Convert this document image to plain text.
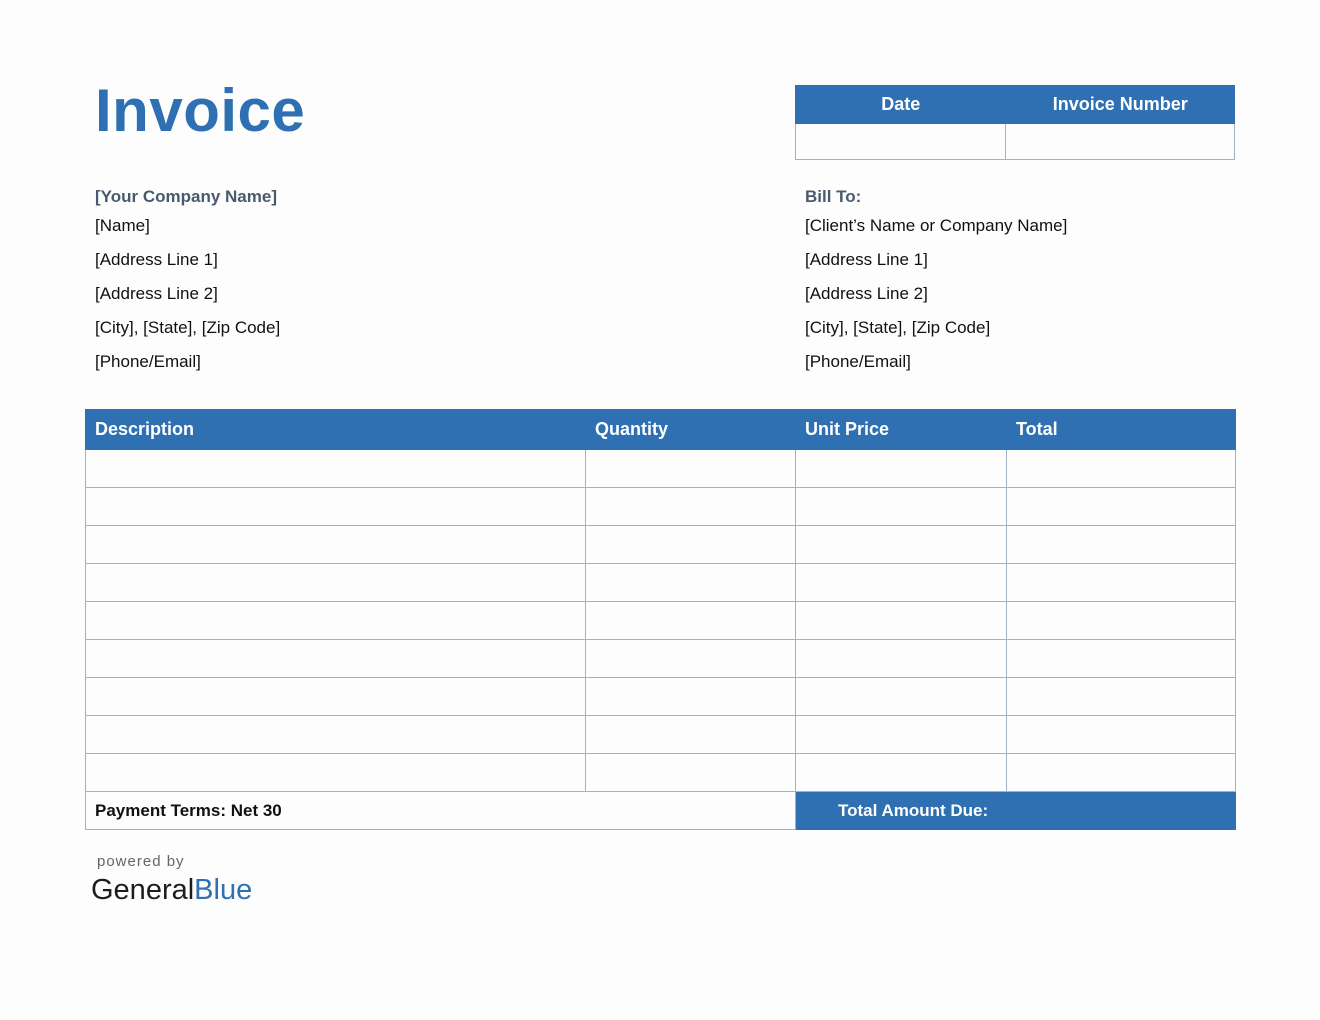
Invoice	Date	Invoice Number

[Your Company Name]
[Name]
[Address Line 1]
[Address Line 2]
[City], [State], [Zip Code]
[Phone/Email]
Bill To:
[Client’s Name or Company Name]
[Address Line 1]
[Address Line 2]
[City], [State], [Zip Code]
[Phone/Email]
Description	Quantity	Unit Price	Total

Payment Terms: Net 30		Total Amount Due:	
powered by
GeneralBlue
